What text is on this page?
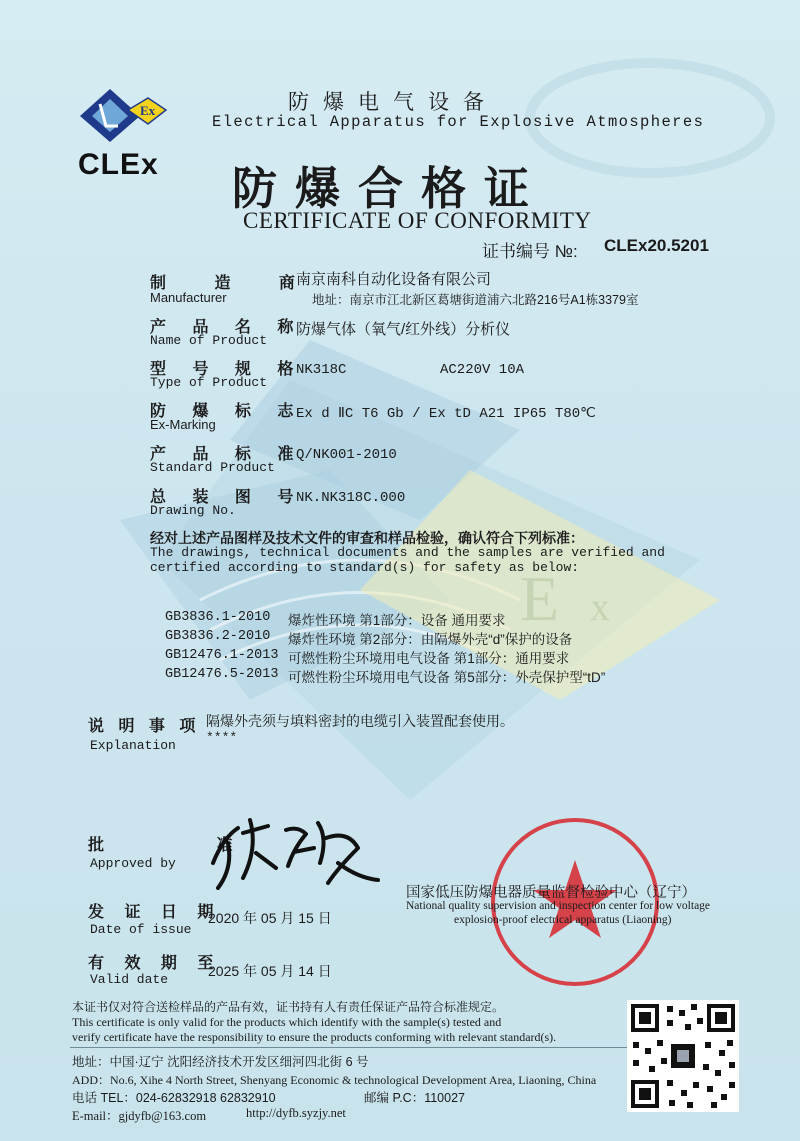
E x
Ex
CLEx
防爆电气设备
Electrical Apparatus for Explosive Atmospheres
防爆合格证
CERTIFICATE OF CONFORMITY
证书编号 №: CLEx20.5201
制 造 商
Manufacturer
南京南科自动化设备有限公司
地址：南京市江北新区葛塘街道浦六北路216号A1栋3379室
产 品 名 称
Name of Product
防爆气体（氧气/红外线）分析仪
型 号 规 格
Type of Product
NK318C	AC220V 10A
防 爆 标 志
Ex-Marking
Ex d ⅡC T6 Gb / Ex tD A21 IP65 T80℃
产 品 标 准
Standard Product
Q/NK001-2010
总 装 图 号
Drawing No.
NK.NK318C.000
经对上述产品图样及技术文件的审查和样品检验，确认符合下列标准：
The drawings, technical documents and the samples are verified and
certified according to standard(s) for safety as below:
GB3836.1-2010 爆炸性环境 第1部分：设备 通用要求
GB3836.2-2010 爆炸性环境 第2部分：由隔爆外壳“d”保护的设备
GB12476.1-2013 可燃性粉尘环境用电气设备 第1部分：通用要求
GB12476.5-2013 可燃性粉尘环境用电气设备 第5部分：外壳保护型“tD”
说 明 事 项
Explanation
隔爆外壳须与填料密封的电缆引入装置配套使用。
****
批 准
Approved by
发 证 日 期
Date of issue
2020 年 05 月 15 日
有 效 期 至
Valid date
2025 年 05 月 14 日
国家低压防爆电器质量监督检验中心（辽宁）
National quality supervision and inspection center for low voltage
explosion-proof electrical apparatus (Liaoning)
本证书仅对符合送检样品的产品有效，证书持有人有责任保证产品符合标准规定。
This certificate is only valid for the products which identify with the sample(s) tested and
verify certificate have the responsibility to ensure the products conforming with relevant standard(s).
地址：中国·辽宁 沈阳经济技术开发区细河四北街 6 号
ADD：No.6, Xihe 4 North Street, Shenyang Economic & technological Development Area, Liaoning, China
电话 TEL：024-62832918 62832910	邮编 P.C：110027
E-mail：gjdyfb@163.com	http://dyfb.syzjy.net
